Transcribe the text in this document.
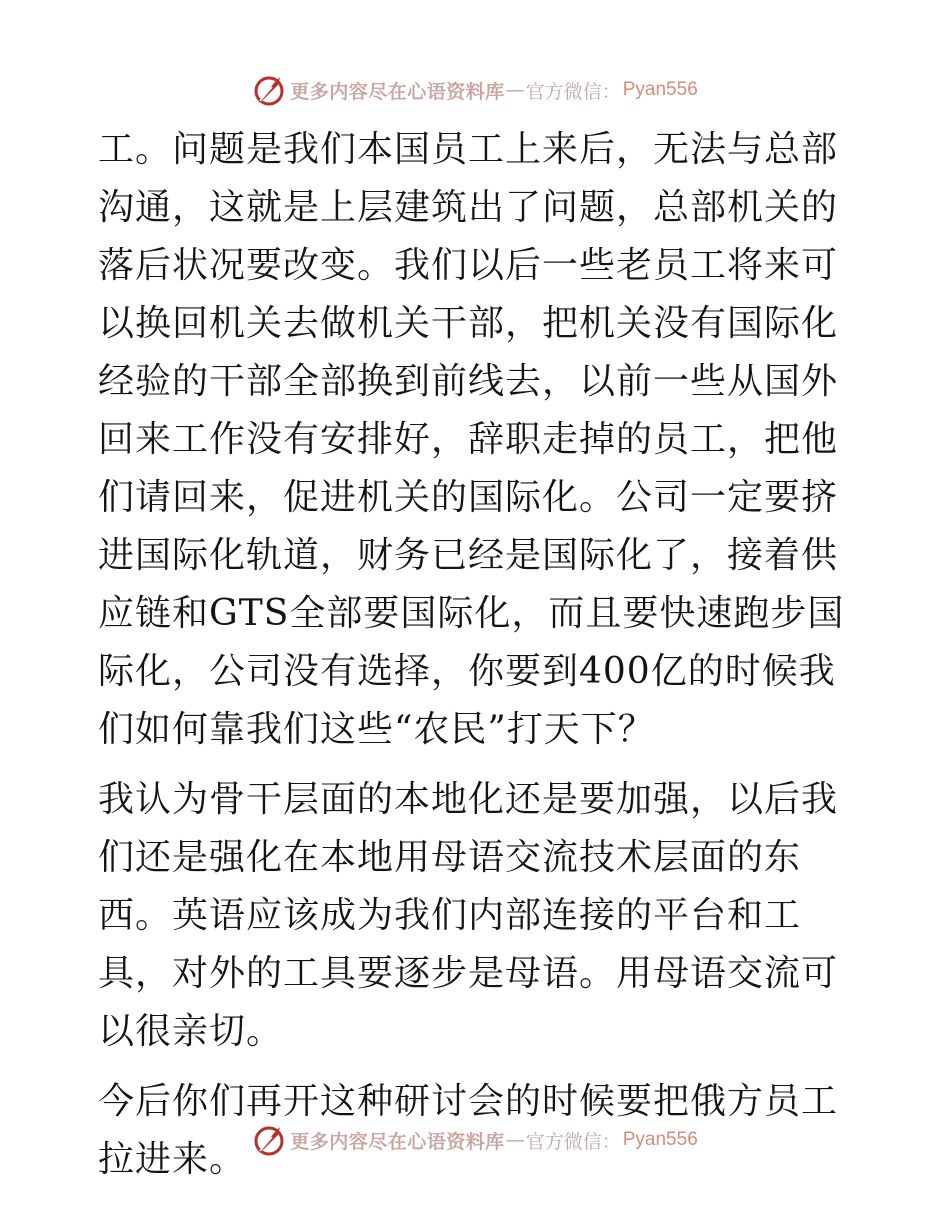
更多内容尽在心语资料库 — 官方微信： Pyan556

工。问题是我们本国员工上来后，无法与总部沟通，这就是上层建筑出了问题，总部机关的落后状况要改变。我们以后一些老员工将来可以换回机关去做机关干部，把机关没有国际化经验的干部全部换到前线去，以前一些从国外回来工作没有安排好，辞职走掉的员工，把他们请回来，促进机关的国际化。公司一定要挤进国际化轨道，财务已经是国际化了，接着供应链和GTS全部要国际化，而且要快速跑步国际化，公司没有选择，你要到400亿的时候我们如何靠我们这些“农民”打天下？

我认为骨干层面的本地化还是要加强，以后我们还是强化在本地用母语交流技术层面的东西。英语应该成为我们内部连接的平台和工具，对外的工具要逐步是母语。用母语交流可以很亲切。

今后你们再开这种研讨会的时候要把俄方员工拉进来。	更多内容尽在心语资料库 — 官方微信： Pyan556
